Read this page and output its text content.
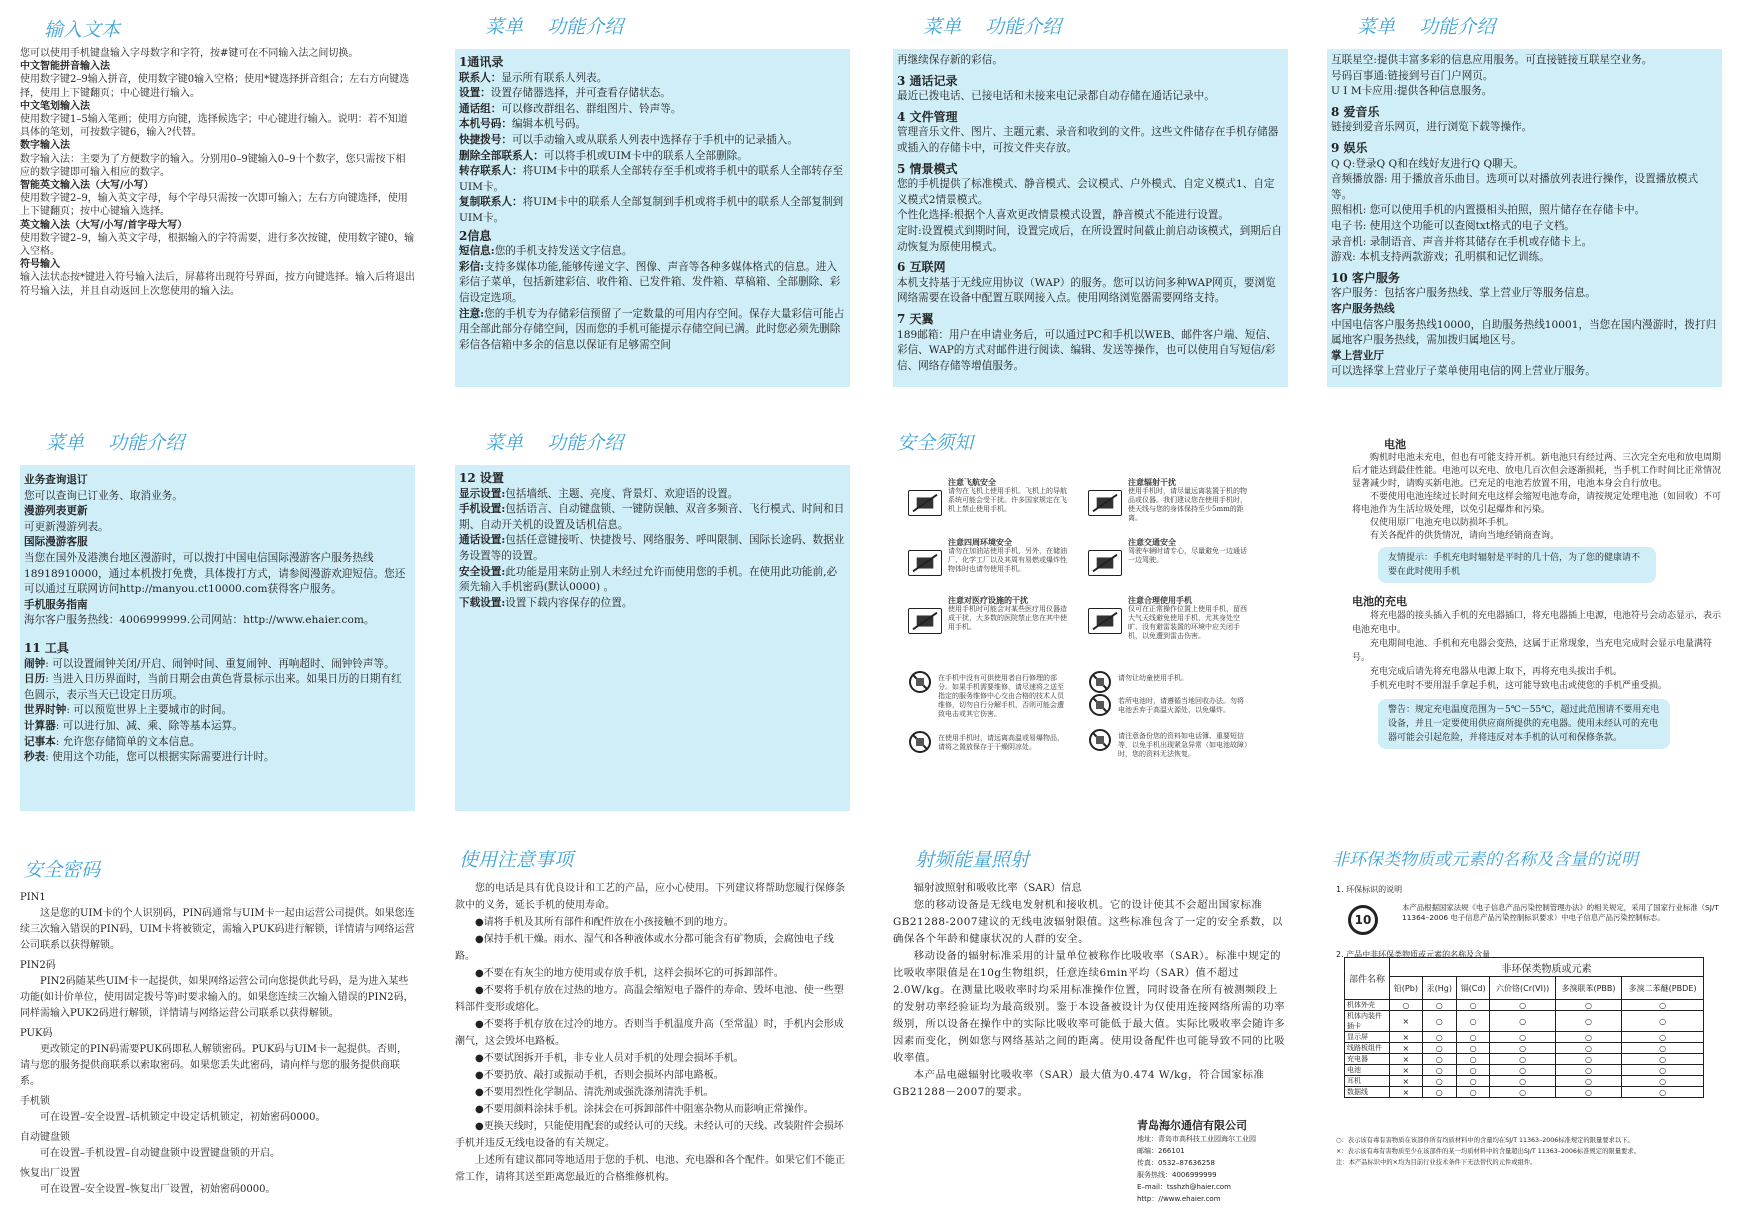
输入文本

您可以使用手机键盘输入字母数字和字符，按#键可在不同输入法之间切换。

中文智能拼音输入法

使用数字键2–9输入拼音，使用数字键0输入空格；使用*键选择拼音组合；左右方向键选择，使用上下键翻页；中心键进行输入。

中文笔划输入法

使用数字键1–5输入笔画；使用方向键，选择候选字；中心键进行输入。说明：若不知道具体的笔划，可按数字键6，输入?代替。

数字输入法

数字输入法：主要为了方便数字的输入。分别用0–9键输入0–9十个数字，您只需按下相应的数字键即可输入相应的数字。

智能英文输入法（大写/小写）

使用数字键2–9，输入英文字母，每个字母只需按一次即可输入；左右方向键选择，使用上下键翻页；按中心键输入选择。

英文输入法（大写/小写/首字母大写）

使用数字键2–9，输入英文字母，根据输入的字符需要，进行多次按键，使用数字键0，输入空格。

符号输入

输入法状态按*键进入符号输入法后，屏幕将出现符号界面，按方向键选择。输入后将退出符号输入法，并且自动返回上次您使用的输入法。

菜单    功能介绍
1通讯录

联系人：显示所有联系人列表。

设置：设置存储器选择，并可查看存储状态。

通话组：可以修改群组名、群组图片、铃声等。

本机号码：编辑本机号码。

快捷拨号：可以手动输入或从联系人列表中选择存于手机中的记录插入。

删除全部联系人：可以将手机或UIM卡中的联系人全部删除。

转存联系人：将UIM卡中的联系人全部转存至手机或将手机中的联系人全部转存至UIM卡。

复制联系人：将UIM卡中的联系人全部复制到手机或将手机中的联系人全部复制到UIM卡。

2信息

短信息:您的手机支持发送文字信息。

彩信:支持多媒体功能,能够传递文字、图像、声音等各种多媒体格式的信息。进入彩信子菜单，包括新建彩信、收件箱、已发件箱、发件箱、草稿箱、全部删除、彩信设定选项。

注意:您的手机专为存储彩信预留了一定数量的可用内存空间。保存大量彩信可能占用全部此部分存储空间，因而您的手机可能提示存储空间已满。此时您必须先删除彩信各信箱中多余的信息以保证有足够需空间

菜单    功能介绍

再继续保存新的彩信。

3 通话记录

最近已拨电话、已接电话和未接来电记录都自动存储在通话记录中。

4 文件管理

管理音乐文件、图片、主题元素、录音和收到的文件。这些文件储存在手机存储器或插入的存储卡中，可按文件夹存放。

5 情景模式

您的手机提供了标准模式、静音模式、会议模式、户外模式、自定义模式1、自定义模式2情景模式。
个性化选择:根据个人喜欢更改情景模式设置，静音模式不能进行设置。
定时:设置模式到期时间，设置完成后，在所设置时间截止前启动该模式，到期后自动恢复为原使用模式。

6 互联网

本机支持基于无线应用协议（WAP）的服务。您可以访问多种WAP网页，要浏览网络需要在设备中配置互联网接入点。使用网络浏览器需要网络支持。

7 天翼

189邮箱：用户在申请业务后，可以通过PC和手机以WEB、邮件客户端、短信、彩信、WAP的方式对邮件进行阅读、编辑、发送等操作，也可以使用自写短信/彩信、网络存储等增值服务。

菜单    功能介绍

互联星空:提供丰富多彩的信息应用服务。可直接链接互联星空业务。
号码百事通:链接到号百门户网页。
U I M卡应用:提供各种信息服务。

8 爱音乐

链接到爱音乐网页，进行浏览下载等操作。

9 娱乐

Q Q:登录Q Q和在线好友进行Q Q聊天。
音频播放器: 用于播放音乐曲目。选项可以对播放列表进行操作，设置播放模式等。
照相机: 您可以使用手机的内置摄相头拍照，照片储存在存储卡中。
电子书: 使用这个功能可以查阅txt格式的电子文档。
录音机: 录制语音、声音并将其储存在手机或存储卡上。
游戏: 本机支持两款游戏；孔明棋和记忆训练。

10 客户服务

客户服务：包括客户服务热线、掌上营业厅等服务信息。

客户服务热线

中国电信客户服务热线10000，自助服务热线10001，当您在国内漫游时，拨打归属地客户服务热线，需加拨归属地区号。

掌上营业厅

可以选择掌上营业厅子菜单使用电信的网上营业厅服务。

菜单    功能介绍
业务查询退订

您可以查询已订业务、取消业务。

漫游列表更新

可更新漫游列表。

国际漫游客服

当您在国外及港澳台地区漫游时，可以拨打中国电信国际漫游客户服务热线18918910000，通过本机拨打免费，具体拨打方式，请参阅漫游欢迎短信。您还可以通过互联网访问http://manyou.ct10000.com获得客户服务。

手机服务指南

海尔客户服务热线：4006999999.公司网站：http://www.ehaier.com。

11 工具

闹钟: 可以设置闹钟关闭/开启、闹钟时间、重复闹钟、再响超时、闹钟铃声等。

日历: 当进入日历界面时，当前日期会由黄色背景标示出来。如果日历的日期有红色圆示，表示当天已设定日历项。

世界时钟: 可以预览世界上主要城市的时间。

计算器: 可以进行加、减、乘、除等基本运算。

记事本: 允许您存储简单的文本信息。

秒表: 使用这个功能，您可以根据实际需要进行计时。

菜单    功能介绍
12 设置

显示设置:包括墙纸、主题、亮度、背景灯、欢迎语的设置。

手机设置:包括语言、自动键盘锁、一键防误触、双音多频音、飞行模式、时间和日期、自动开关机的设置及话机信息。

通话设置:包括任意键接听、快捷拨号、网络服务、呼叫限制、国际长途码、数据业务设置等的设置。

安全设置:此功能是用来防止别人未经过允许而使用您的手机。在使用此功能前,必须先输入手机密码(默认0000) 。

下载设置:设置下载内容保存的位置。

安全须知
注意飞航安全
请勿在飞机上使用手机。飞机上的导航系统可能会受干扰。许多国家规定在飞机上禁止使用手机。
注意辐射干扰
使用手机时，请尽量远离装置于机的物品或仪器。我们建议您在使用手机时，使天线与您的身体保持至少5mm的距离。
注意四周环境安全
请勿在加油站使用手机，另外，在储油厂、化学工厂以及其周有易燃或爆炸性物体时也请勿使用手机。
注意交通安全
驾驶车辆时请专心，尽量避免一边通话一边驾驶。
注意对医疗设施的干扰
使用手机时可能会对某些医疗用仪器造成干扰，大多数的医院禁止您在其中使用手机。
注意合理使用手机
仅可在正常操作位置上使用手机，留西大气天线避免使用手机，尤其身处空旷、没有避雷装置的环境中应关闭手机，以免遭到雷击伤害。
在手机中没有可供使用者自行修理的部分。如果手机需要维修，请尽速将之送至指定的服务维修中心交由合格的技术人员维修，切勿自行分解手机，否则可能会遭致电击或其它伤害。
请勿让幼童使用手机。
若所电池时，请遵循当地回收办法。勿将电池丢弃于高温火源处，以免爆炸。
在使用手机时，请远离高温或易爆物品，请将之置放保存于干燥阴凉处。
请注意备份您的资料如电话簿、重要短信等，以免手机出现紧急异常（如电池故障）时，您的资料无法恢复。
电池

购机时电池未充电，但也有可能支持开机。新电池只有经过两、三次完全充电和放电周期后才能达到最佳性能。电池可以充电、放电几百次但会逐渐损耗，当手机工作时间比正常情况显著减少时，请购买新电池。已充足的电池若放置不用，电池本身会自行放电。

不要使用电池连续过长时间充电这样会缩短电池寿命，请按规定处理电池（如回收）不可将电池作为生活垃圾处理，以免引起爆炸和污染。

仅使用原厂电池充电以防损坏手机。

有关各配件的供货情况，请向当地经销商查询。

友情提示：手机充电时辐射是平时的几十倍，为了您的健康请不要在此时使用手机
电池的充电

将充电器的接头插入手机的充电器插口，将充电器插上电源，电池符号会动态显示，表示电池充电中。

充电期间电池、手机和充电器会变热，这属于正常现象，当充电完成时会显示电量满符号。

充电完成后请先将充电器从电源上取下，再将充电头拔出手机。

手机充电时不要用湿手拿起手机，这可能导致电击或使您的手机严重受损。

警告：规定充电温度范围为－5℃－55℃，超过此范围请不要用充电设备，并且一定要使用供应商所提供的充电器。使用未经认可的充电器可能会引起危险，并将违反对本手机的认可和保修条款。
安全密码
PIN1

这是您的UIM卡的个人识别码，PIN码通常与UIM卡一起由运营公司提供。如果您连续三次输入错误的PIN码，UIM卡将被锁定，需输入PUK码进行解锁，详情请与网络运营公司联系以获得解锁。

PIN2码

PIN2码随某些UIM卡一起提供，如果网络运营公司向您提供此号码，是为进入某些功能(如计价单位，使用固定拨号等)时要求输入的。如果您连续三次输入错误的PIN2码，同样需输入PUK2码进行解锁，详情请与网络运营公司联系以获得解锁。

PUK码

更改锁定的PIN码需要PUK码即私人解锁密码。PUK码与UIM卡一起提供。否则，请与您的服务提供商联系以索取密码。如果您丢失此密码，请向样与您的服务提供商联系。

手机锁

可在设置–安全设置–话机锁定中设定话机锁定，初始密码0000。

自动键盘锁

可在设置–手机设置–自动键盘锁中设置键盘锁的开启。

恢复出厂设置

可在设置–安全设置–恢复出厂设置，初始密码0000。

使用注意事项

您的电话是具有优良设计和工艺的产品，应小心使用。下列建议将帮助您履行保修条款中的义务，延长手机的使用寿命。

●请将手机及其所有部件和配件放在小孩接触不到的地方。

●保持手机干燥。雨水、湿气和各种液体或水分都可能含有矿物质，会腐蚀电子线路。

●不要在有灰尘的地方使用或存放手机，这样会损坏它的可拆卸部件。

●不要将手机存放在过热的地方。高温会缩短电子器件的寿命、毁坏电池、使一些塑料部件变形或熔化。

●不要将手机存放在过冷的地方。否则当手机温度升高（至常温）时，手机内会形成潮气，这会毁坏电路板。

●不要试图拆开手机，非专业人员对手机的处理会损坏手机。

●不要扔放、敲打或振动手机，否则会损坏内部电路板。

●不要用烈性化学制品、清洗剂或强洗涤剂清洗手机。

●不要用颜料涂抹手机。涂抹会在可拆卸部件中阻塞杂物从而影响正常操作。

●更换天线时，只能使用配套的或经认可的天线。未经认可的天线、改装附件会损坏手机并违反无线电设备的有关规定。

上述所有建议都同等地适用于您的手机、电池、充电器和各个配件。如果它们不能正常工作，请将其送至距离您最近的合格维修机构。

射频能量照射

辐射波照射和吸收比率（SAR）信息

您的移动设备是无线电发射机和接收机。它的设计使其不会超出国家标准GB21288-2007建议的无线电波辐射限值。这些标准包含了一定的安全系数，以确保各个年龄和健康状况的人群的安全。

移动设备的辐射标准采用的计量单位被称作比吸收率（SAR）。标准中规定的比吸收率限值是在10g生物组织，任意连续6min平均（SAR）值不超过2.0W/kg。在测量比吸收率时均采用标准操作位置，同时设备在所有被测频段上的发射功率经验证均为最高级别。鉴于本设备被设计为仅使用连接网络所需的功率级别，所以设备在操作中的实际比吸收率可能低于最大值。实际比吸收率会随许多因素而变化，例如您与网络基站之间的距离。使用设备配件也可能导致不同的比吸收率值。

本产品电磁辐射比吸收率（SAR）最大值为0.474 W/kg，符合国家标准GB21288－2007的要求。

青岛海尔通信有限公司
地址：青岛市高科技工业园海尔工业园
邮编：266101
传真：0532–87636258
服务热线：4006999999
E–mail：tsshzh@haier.com
http：//www.ehaier.com
非环保类物质或元素的名称及含量的说明
1. 环保标识的说明
10
本产品根据国家法规《电子信息产品污染控制管理办法》的相关规定，采用了国家行业标准（SJ/T 11364–2006 电子信息产品污染控制标识要求）中电子信息产品污染控制标志。
2. 产品中非环保类物质或元素的名称及含量
部件名称	非环保类物质或元素					
	铅(Pb)	汞(Hg)	镉(Cd)	六价铬(Cr(VI))	多溴联苯(PBB)	多溴二苯醚(PBDE)
机体外壳	○	○	○	○	○	○
机体内装件插卡	×	○	○	○	○	○
显示屏	×	○	○	○	○	○
线路板组件	×	○	○	○	○	○
充电器	×	○	○	○	○	○
电池	×	○	○	○	○	○
耳机	×	○	○	○	○	○
数据线	×	○	○	○	○	○
○：表示该有毒有害物质在该部件所有均质材料中的含量均在SJ/T 11363–2006标准规定的限量要求以下。
×：表示该有毒有害物质至少在该部件的某一均质材料中的含量超出SJ/T 11363–2006标准规定的限量要求。
注：本产品标识中的×均为目前行业技术条件下无法替代的元件或组件。
